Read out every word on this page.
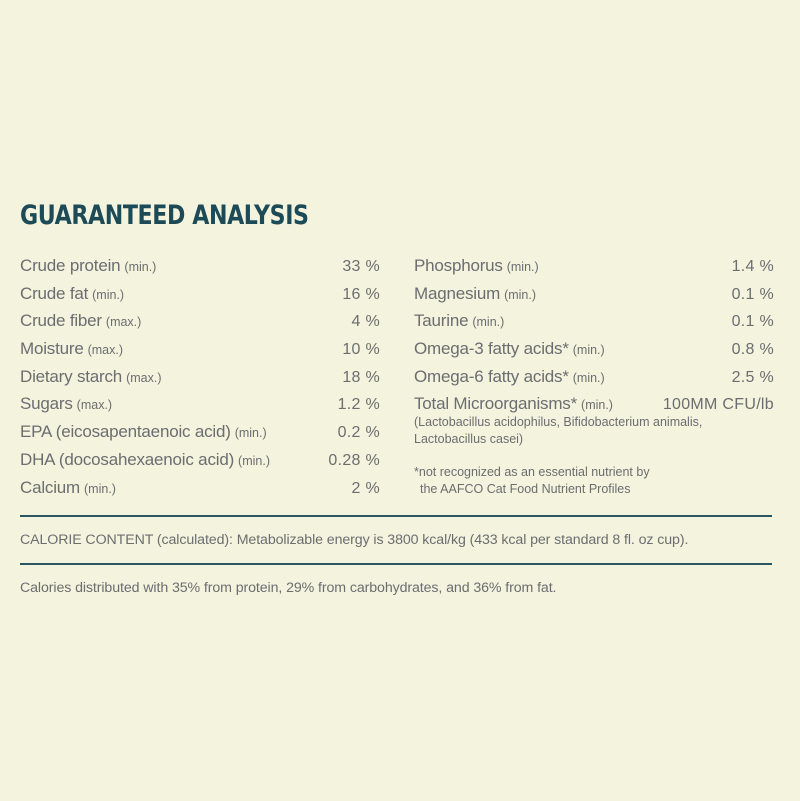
GUARANTEED ANALYSIS
Crude protein (min.)	33 %
Crude fat (min.)	16 %
Crude fiber (max.)	4 %
Moisture (max.)	10 %
Dietary starch (max.)	18 %
Sugars (max.)	1.2 %
EPA (eicosapentaenoic acid) (min.)	0.2 %
DHA (docosahexaenoic acid) (min.)	0.28 %
Calcium (min.)	2 %
Phosphorus (min.)	1.4 %
Magnesium (min.)	0.1 %
Taurine (min.)	0.1 %
Omega-3 fatty acids* (min.)	0.8 %
Omega-6 fatty acids* (min.)	2.5 %
Total Microorganisms* (min.)	100MM CFU/lb
(Lactobacillus acidophilus, Bifidobacterium animalis,
Lactobacillus casei)
*not recognized as an essential nutrient by
the AAFCO Cat Food Nutrient Profiles
CALORIE CONTENT (calculated): Metabolizable energy is 3800 kcal/kg (433 kcal per standard 8 fl. oz cup).
Calories distributed with 35% from protein, 29% from carbohydrates, and 36% from fat.
